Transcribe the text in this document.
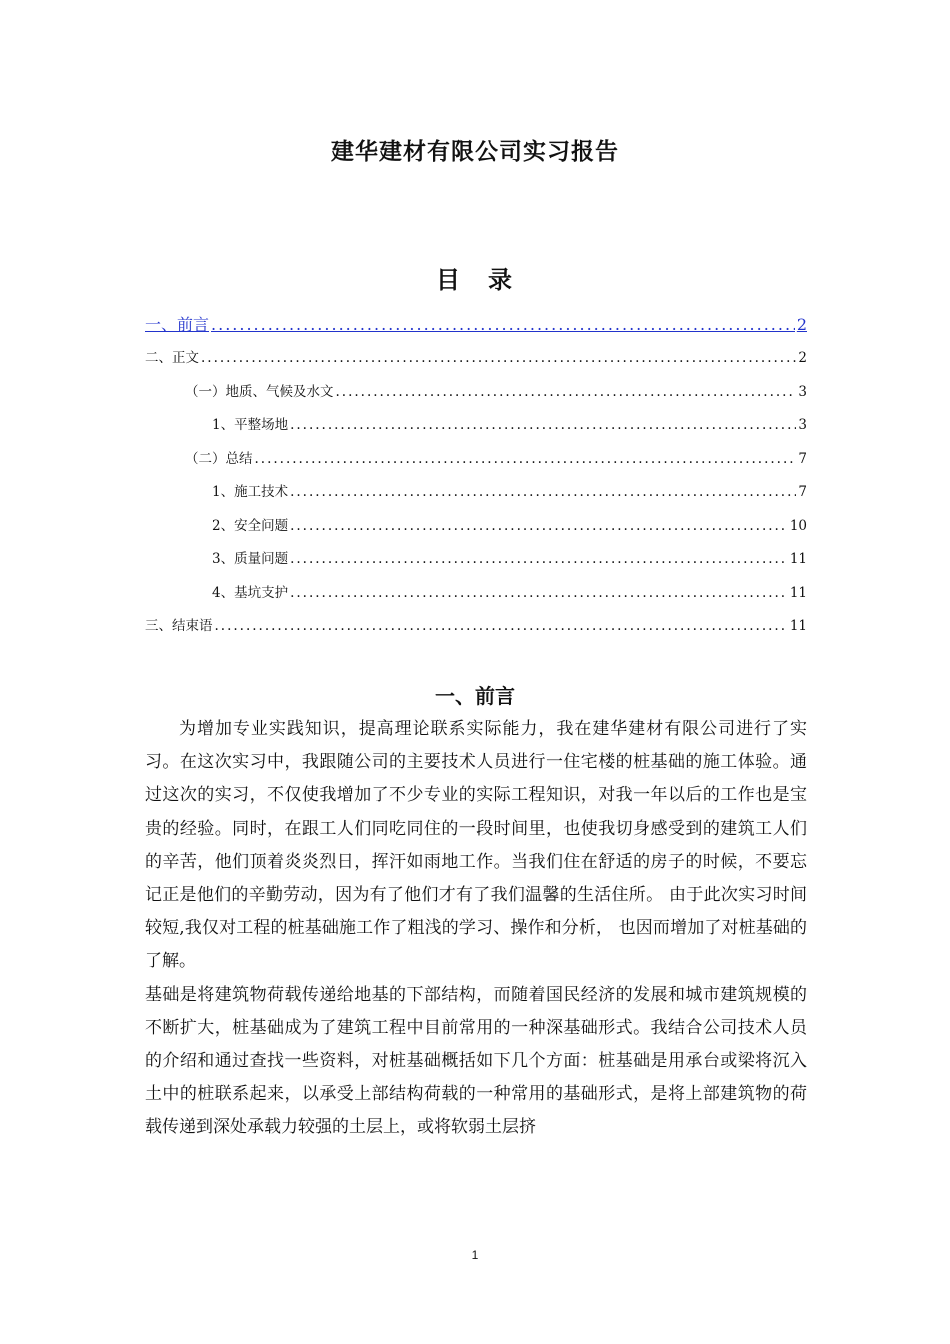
建华建材有限公司实习报告
目　录
一、前言 .....	2
二、正文 .....	2
（一）地质、气候及水文 .....	3
1、平整场地 .....	3
（二）总结 .....	7
1、施工技术 .....	7
2、安全问题 .....	10
3、质量问题 .....	11
4、基坑支护 .....	11
三、结束语 .....	11
一、前言

为增加专业实践知识，提高理论联系实际能力，我在建华建材有限公司进行了实习。在这次实习中，我跟随公司的主要技术人员进行一住宅楼的桩基础的施工体验。通过这次的实习，不仅使我增加了不少专业的实际工程知识，对我一年以后的工作也是宝贵的经验。同时，在跟工人们同吃同住的一段时间里，也使我切身感受到的建筑工人们的辛苦，他们顶着炎炎烈日，挥汗如雨地工作。当我们住在舒适的房子的时候，不要忘记正是他们的辛勤劳动，因为有了他们才有了我们温馨的生活住所。 由于此次实习时间较短,我仅对工程的桩基础施工作了粗浅的学习、操作和分析， 也因而增加了对桩基础的了解。

基础是将建筑物荷载传递给地基的下部结构，而随着国民经济的发展和城市建筑规模的不断扩大，桩基础成为了建筑工程中目前常用的一种深基础形式。我结合公司技术人员的介绍和通过查找一些资料，对桩基础概括如下几个方面：桩基础是用承台或梁将沉入土中的桩联系起来，以承受上部结构荷载的一种常用的基础形式，是将上部建筑物的荷载传递到深处承载力较强的土层上，或将软弱土层挤

1
